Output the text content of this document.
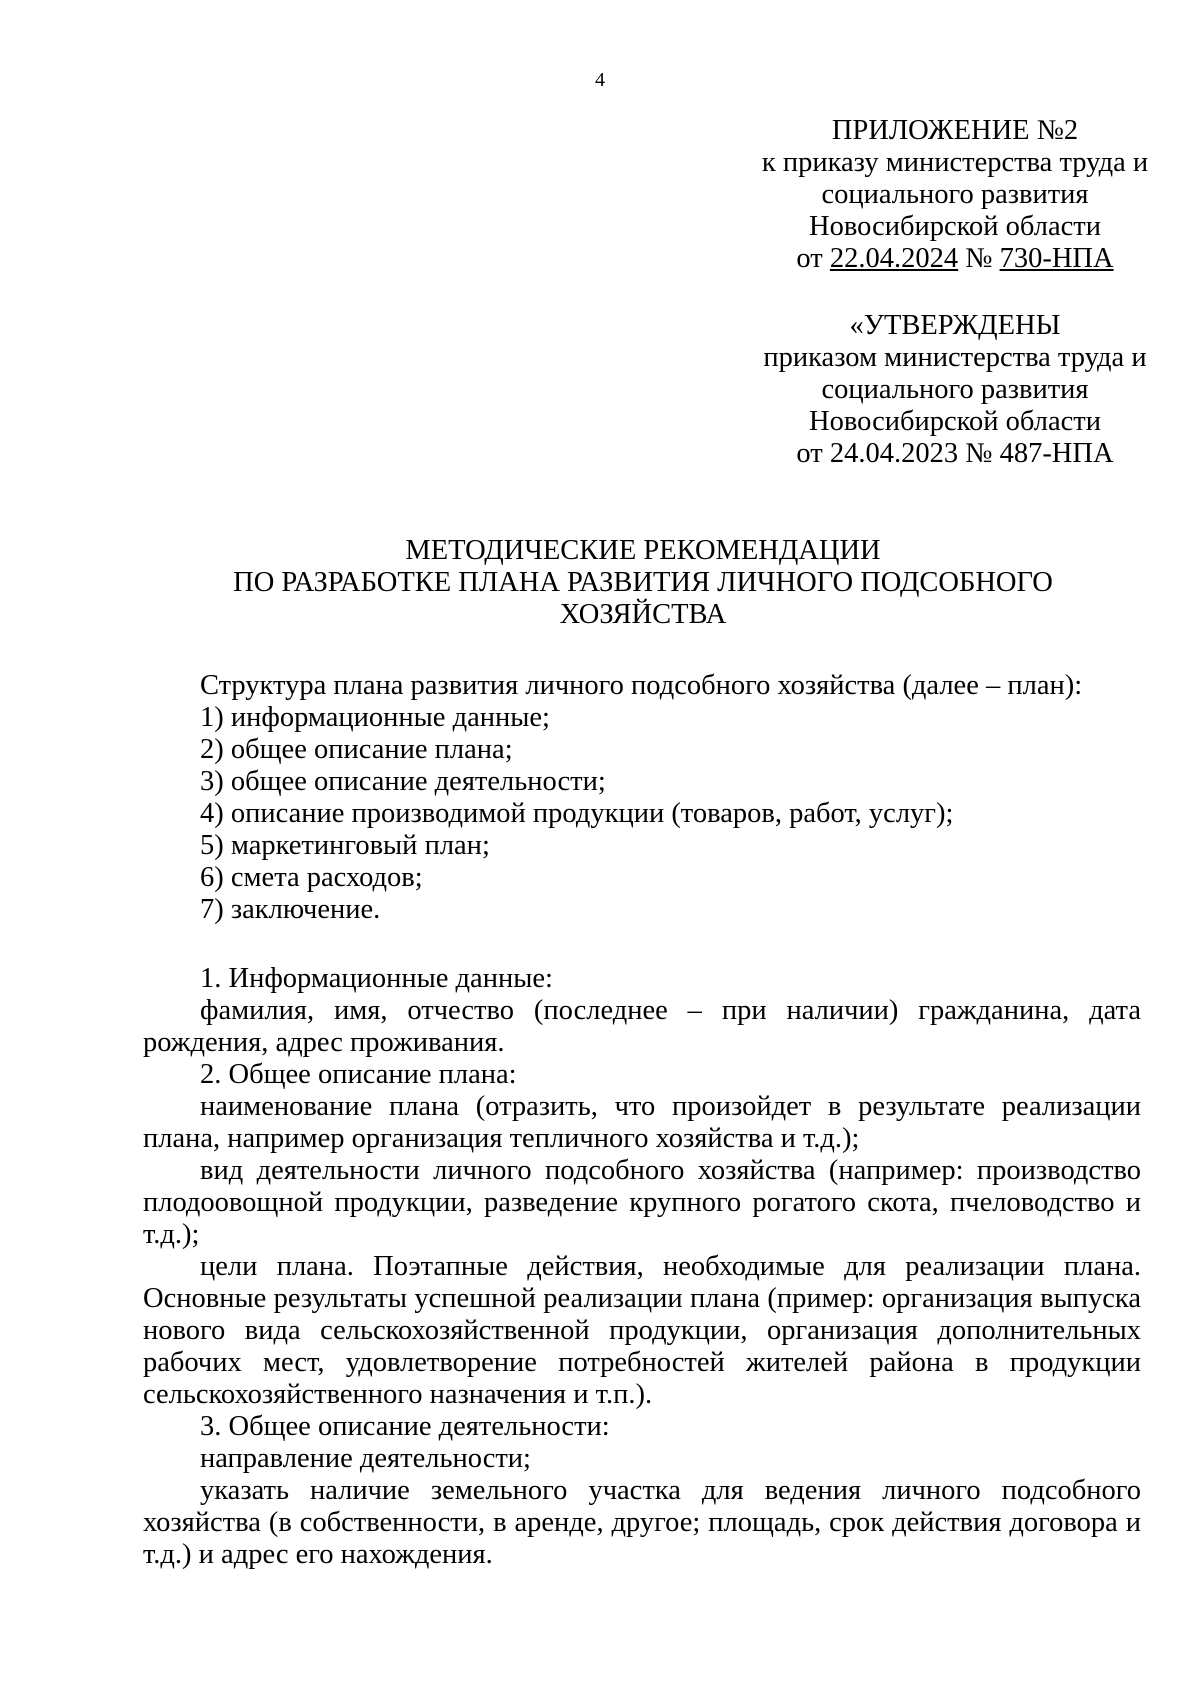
4
ПРИЛОЖЕНИЕ №2
к приказу министерства труда и
социального развития
Новосибирской области
от 22.04.2024 № 730-НПА
«УТВЕРЖДЕНЫ
приказом министерства труда и
социального развития
Новосибирской области
от 24.04.2023 № 487-НПА
МЕТОДИЧЕСКИЕ РЕКОМЕНДАЦИИ
ПО РАЗРАБОТКЕ ПЛАНА РАЗВИТИЯ ЛИЧНОГО ПОДСОБНОГО
ХОЗЯЙСТВА
Структура плана развития личного подсобного хозяйства (далее – план):
1) информационные данные;
2) общее описание плана;
3) общее описание деятельности;
4) описание производимой продукции (товаров, работ, услуг);
5) маркетинговый план;
6) смета расходов;
7) заключение.

1. Информационные данные:

фамилия, имя, отчество (последнее – при наличии) гражданина, дата рождения, адрес проживания.

2. Общее описание плана:

наименование плана (отразить, что произойдет в результате реализации плана, например организация тепличного хозяйства и т.д.);

вид деятельности личного подсобного хозяйства (например: производство плодоовощной продукции, разведение крупного рогатого скота, пчеловодство и т.д.);

цели плана. Поэтапные действия, необходимые для реализации плана. Основные результаты успешной реализации плана (пример: организация выпуска нового вида сельскохозяйственной продукции, организация дополнительных рабочих мест, удовлетворение потребностей жителей района в продукции сельскохозяйственного назначения и т.п.).

3. Общее описание деятельности:

направление деятельности;

указать наличие земельного участка для ведения личного подсобного хозяйства (в собственности, в аренде, другое; площадь, срок действия договора и т.д.) и адрес его нахождения.
